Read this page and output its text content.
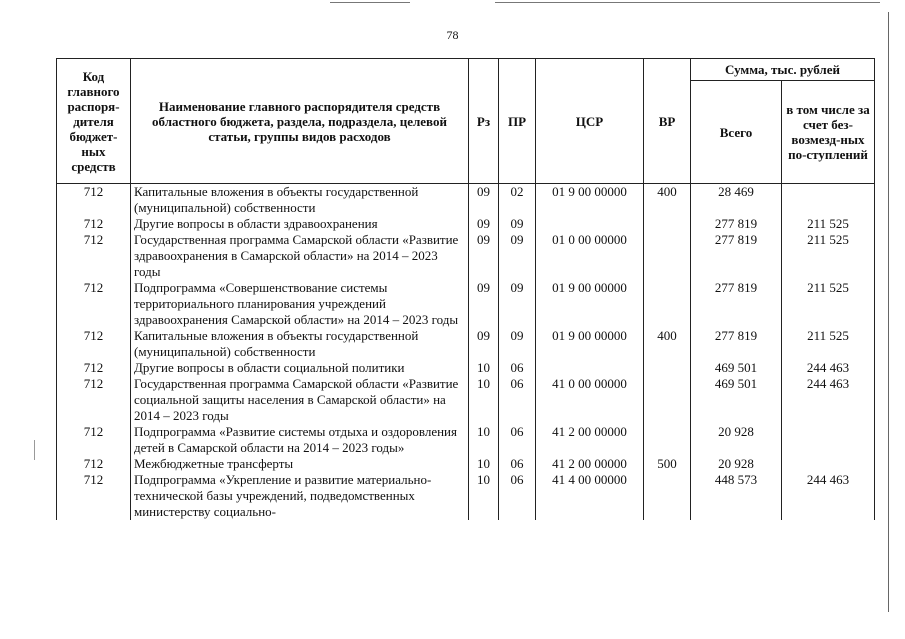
78
Код главного распоря-дителя бюджет-ных средств	Наименование главного распорядителя средств областного бюджета, раздела, подраздела, целевой статьи, группы видов расходов	Рз	ПР	ЦСР	ВР	Сумма, тыс. рублей	
						Всего	в том числе за счет без-возмезд-ных по-ступлений
712	Капитальные вложения в объекты государственной (муниципальной) собственности	09	02	01 9 00 00000	400	28 469	
712	Другие вопросы в области здравоохранения	09	09			277 819	211 525
712	Государственная программа Самарской области «Развитие здравоохранения в Самарской области» на 2014 – 2023 годы	09	09	01 0 00 00000		277 819	211 525
712	Подпрограмма «Совершенствование системы территориального планирования учреждений здравоохранения Самарской области» на 2014 – 2023 годы	09	09	01 9 00 00000		277 819	211 525
712	Капитальные вложения в объекты государственной (муниципальной) собственности	09	09	01 9 00 00000	400	277 819	211 525
712	Другие вопросы в области социальной политики	10	06			469 501	244 463
712	Государственная программа Самарской области «Развитие социальной защиты населения в Самарской области» на 2014 – 2023 годы	10	06	41 0 00 00000		469 501	244 463
712	Подпрограмма «Развитие системы отдыха и оздоровления детей в Самарской области на 2014 – 2023 годы»	10	06	41 2 00 00000		20 928	
712	Межбюджетные трансферты	10	06	41 2 00 00000	500	20 928	
712	Подпрограмма «Укрепление и развитие материально-технической базы учреждений, подведомственных министерству социально-	10	06	41 4 00 00000		448 573	244 463
